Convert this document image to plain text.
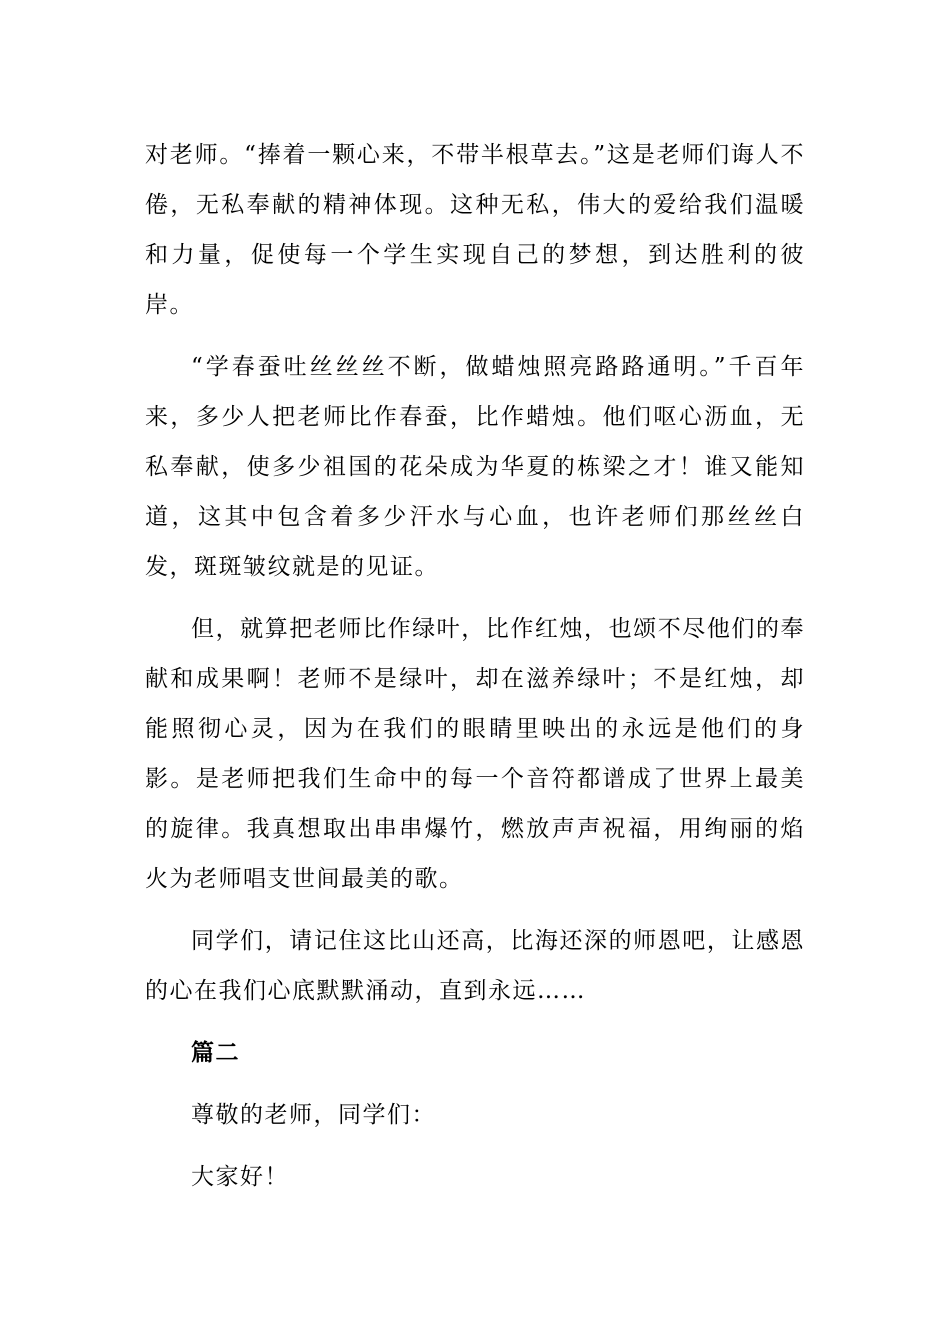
对老师。“捧着一颗心来，不带半根草去。”这是老师们诲人不倦，无私奉献的精神体现。这种无私，伟大的爱给我们温暖和力量，促使每一个学生实现自己的梦想，到达胜利的彼岸。

“学春蚕吐丝丝丝不断，做蜡烛照亮路路通明。”千百年来，多少人把老师比作春蚕，比作蜡烛。他们呕心沥血，无私奉献，使多少祖国的花朵成为华夏的栋梁之才！谁又能知道，这其中包含着多少汗水与心血，也许老师们那丝丝白发，斑斑皱纹就是的见证。

但，就算把老师比作绿叶，比作红烛，也颂不尽他们的奉献和成果啊！老师不是绿叶，却在滋养绿叶；不是红烛，却能照彻心灵，因为在我们的眼睛里映出的永远是他们的身影。是老师把我们生命中的每一个音符都谱成了世界上最美的旋律。我真想取出串串爆竹，燃放声声祝福，用绚丽的焰火为老师唱支世间最美的歌。

同学们，请记住这比山还高，比海还深的师恩吧，让感恩的心在我们心底默默涌动，直到永远……

篇二

尊敬的老师，同学们：

大家好！
